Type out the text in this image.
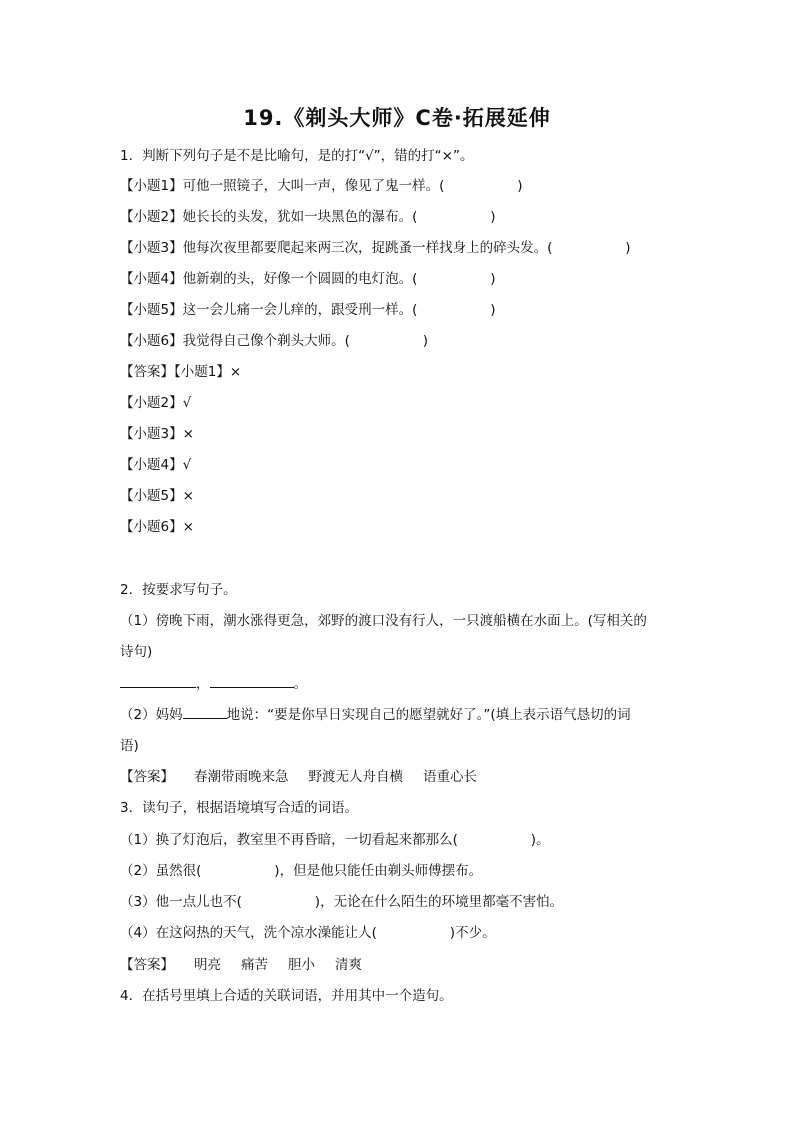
19.《剃头大师》C卷·拓展延伸
1．判断下列句子是不是比喻句，是的打“√”，错的打“×”。
【小题1】可他一照镜子，大叫一声，像见了鬼一样。(                 )
【小题2】她长长的头发，犹如一块黑色的瀑布。(                 )
【小题3】他每次夜里都要爬起来两三次，捉跳蚤一样找身上的碎头发。(                 )
【小题4】他新剃的头，好像一个圆圆的电灯泡。(                 )
【小题5】这一会儿痛一会儿痒的，跟受刑一样。(                 )
【小题6】我觉得自己像个剃头大师。(                 )
【答案】【小题1】×
【小题2】√
【小题3】×
【小题4】√
【小题5】×
【小题6】×
2．按要求写句子。
（1）傍晚下雨，潮水涨得更急，郊野的渡口没有行人，一只渡船横在水面上。(写相关的
诗句)
，	。
（2）妈妈	地说：“要是你早日实现自己的愿望就好了。”(填上表示语气恳切的词
语)
【答案】 春潮带雨晚来急 野渡无人舟自横 语重心长
3．读句子，根据语境填写合适的词语。
（1）换了灯泡后，教室里不再昏暗，一切看起来都那么(                 )。
（2）虽然很(                 )，但是他只能任由剃头师傅摆布。
（3）他一点儿也不(                 )，无论在什么陌生的环境里都毫不害怕。
（4）在这闷热的天气，洗个凉水澡能让人(                 )不少。
【答案】 明亮 痛苦 胆小 清爽
4．在括号里填上合适的关联词语，并用其中一个造句。
